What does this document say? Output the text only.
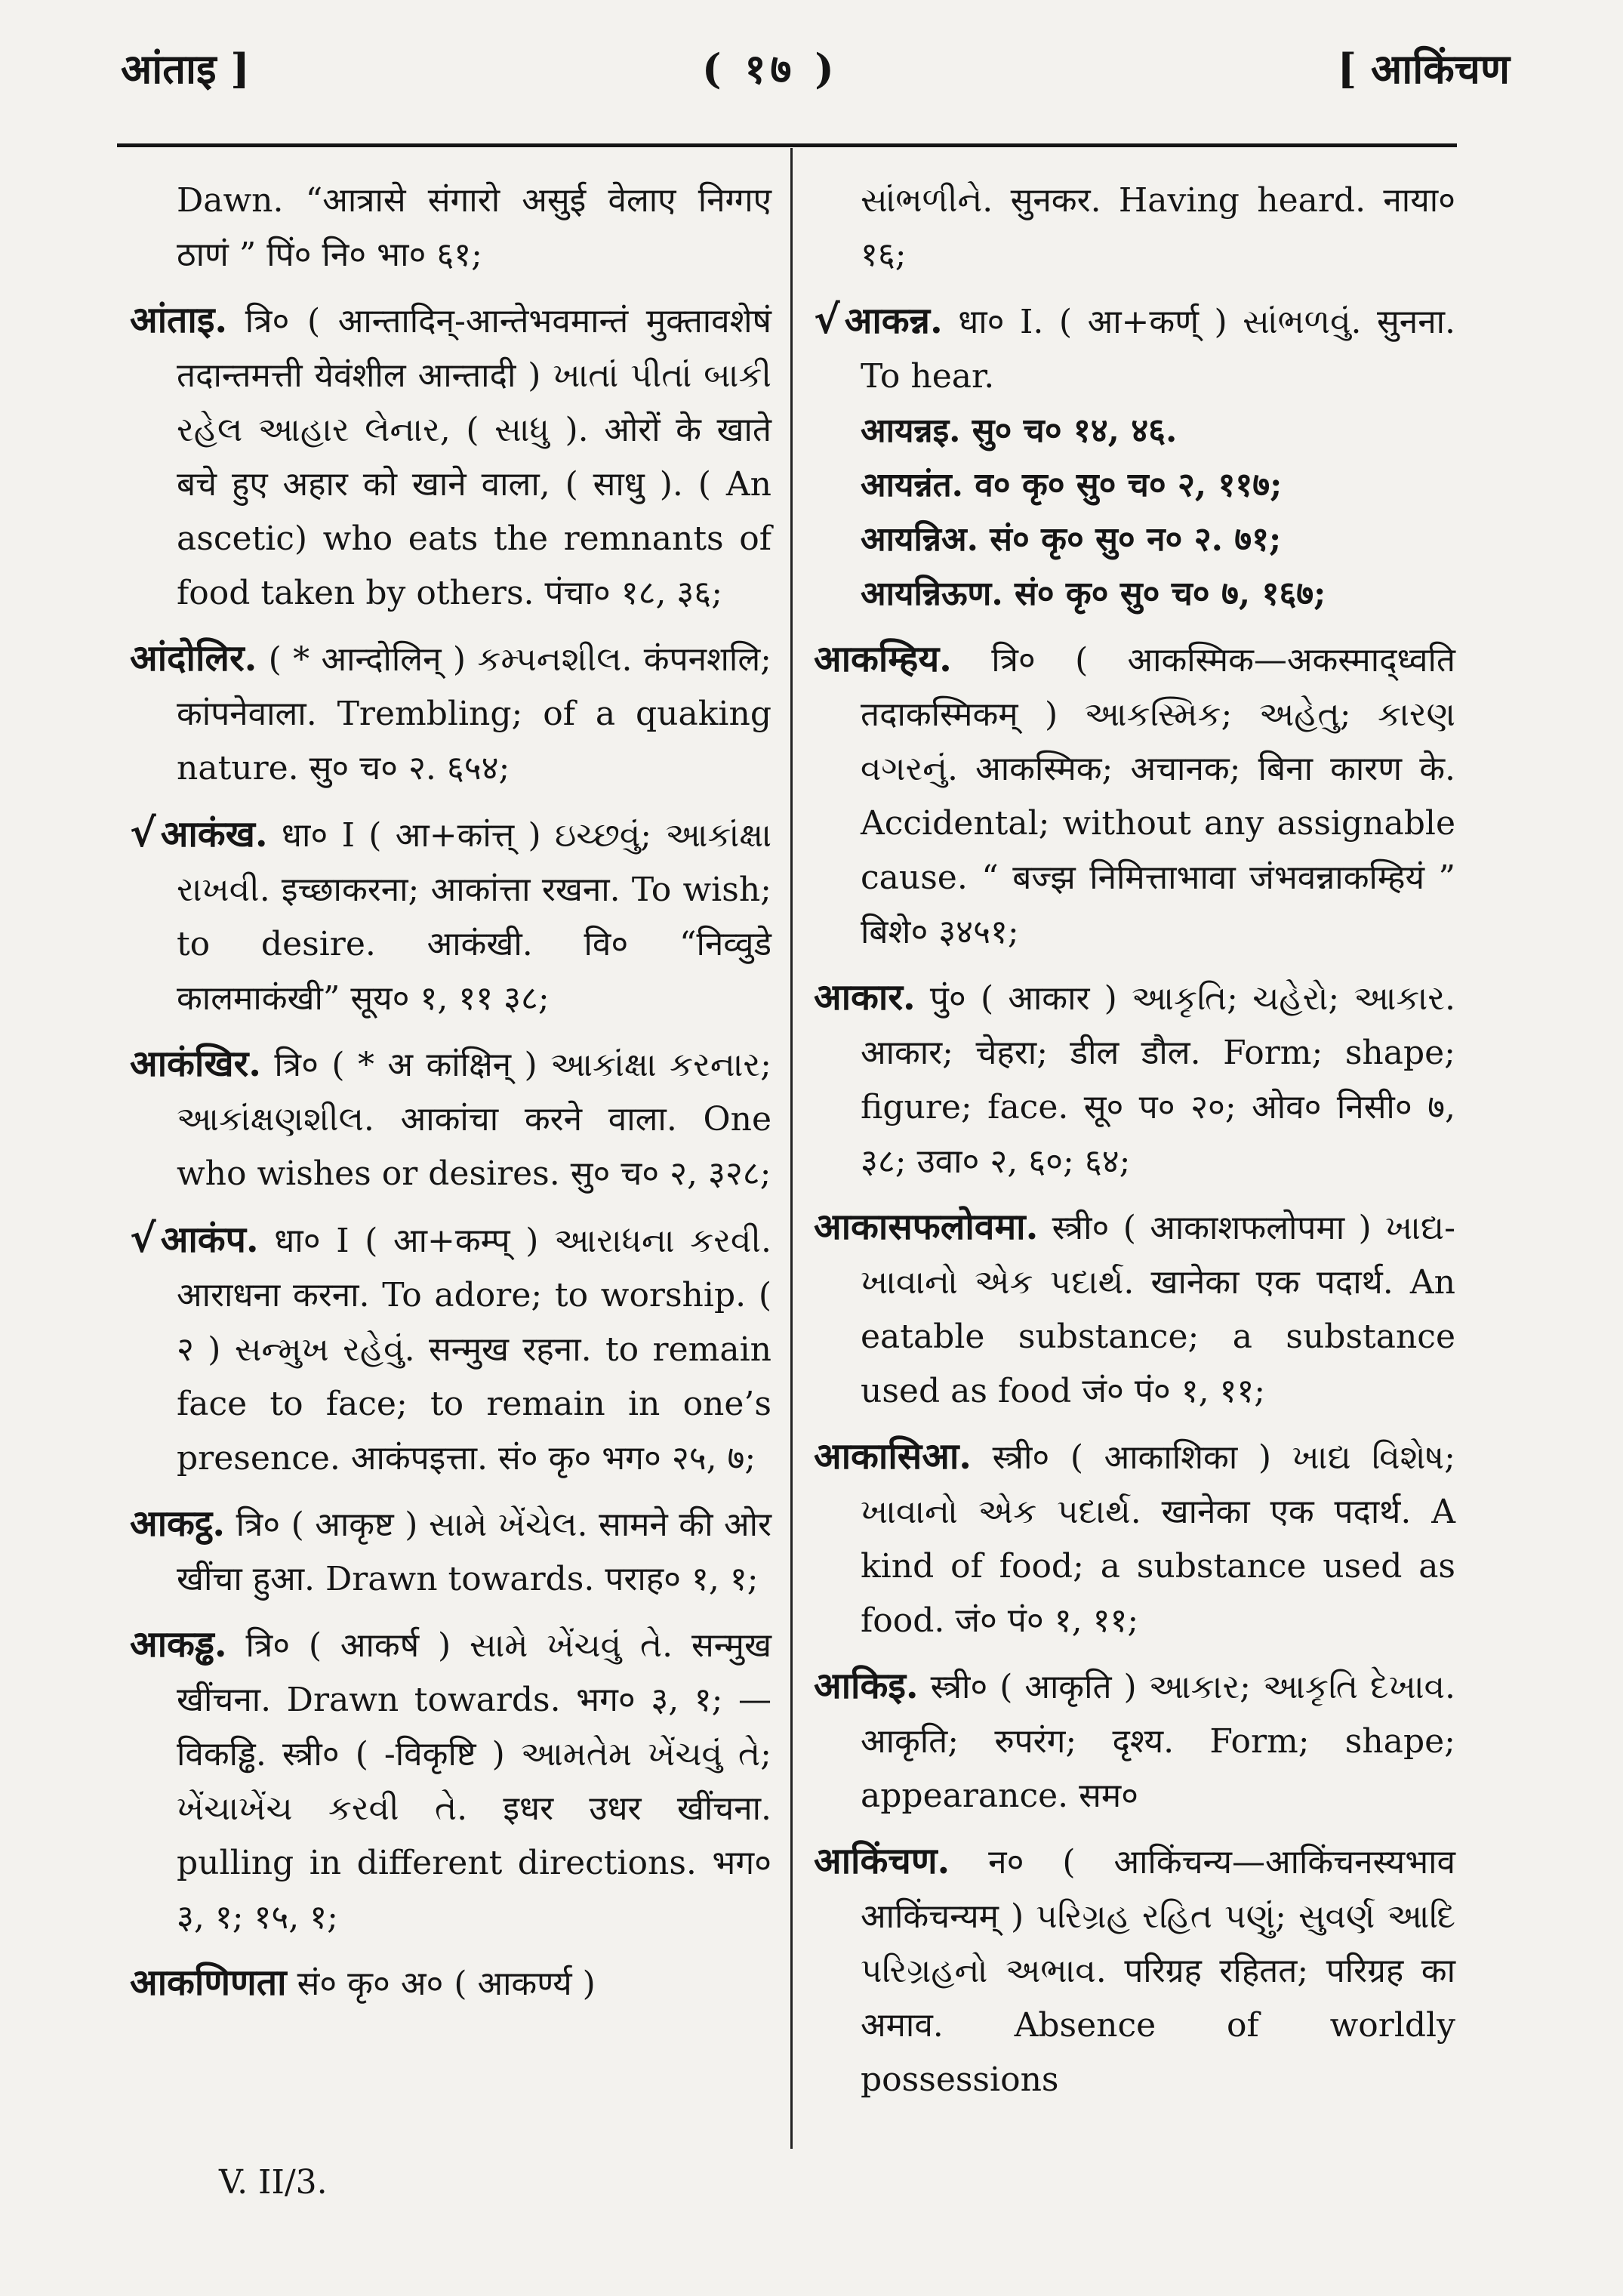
आंताइ ]	( १७ )	[ आकिंचण

Dawn. “आत्रासे संगारो असुई वेलाए निग्गए ठाणं ” पिं० नि० भा० ६१;

आंताइ. त्रि० ( आन्तादिन्-आन्तेभवमान्तं मुक्तावशेषं तदान्तमत्ती येवंशील आन्तादी ) ખાતાં પીતાં બાકી રહેલ આહાર લેનાર, ( સાધુ ). ओरों के खाते बचे हुए अहार को खाने वाला, ( साधु ). ( An ascetic) who eats the remnants of food taken by others. पंचा० १८, ३६;

आंदोलिर. ( * आन्दोलिन् ) કમ્પનશીલ. कंपनशलि; कांपनेवाला. Trembling; of a quaking nature. सु० च० २. ६५४;

√ आकंख. धा० I ( आ+कांत्त् ) ઇચ્છવું; આકાંક્ષા રાખવી. इच्छाकरना; आकांत्ता रखना. To wish; to desire. आकंखी. वि० “निव्वुडे कालमाकंखी” सूय० १, ११ ३८;

आकंखिर. त्रि० ( * अ कांक्षिन् ) આકાંક્ષા કરનાર; આકાંક્ષણશીલ. आकांचा करने वाला. One who wishes or desires. सु० च० २, ३२८;

√ आकंप. धा० I ( आ+कम्प् ) આરાધના કરવી. आराधना करना. To adore; to worship. ( २ ) સન્મુખ રહેવું. सन्मुख रहना. to remain face to face; to remain in one’s presence. आकंपइत्ता. सं० कृ० भग० २५, ७;

आकट्ठ. त्रि० ( आकृष्ट ) સામે ખેંચેલ. सामने की ओर खींचा हुआ. Drawn towards. पराह० १, १;

आकड्ढ. त्रि० ( आकर्ष ) સામે ખેંચવું તે. सन्मुख खींचना. Drawn towards. भग० ३, १; —विकड्ढि. स्त्री० ( -विकृष्टि ) આમતેમ ખેંચવું તે; ખેંચાખેંચ કરવી તે. इधर उधर खींचना. pulling in different directions. भग० ३, १; १५, १;

आकणिणता सं० कृ० अ० ( आकर्ण्य )

V. II/3.

સાંભળીને. सुनकर. Having heard. नाया० १६;

√ आकन्न. धा० I. ( आ+कर्ण् ) સાંભળવું. सुनना. To hear.

आयन्नइ. सु० च० १४, ४६.

आयन्नंत. व० कृ० सु० च० २, ११७;

आयन्निअ. सं० कृ० सु० न० २. ७१;

आयन्निऊण. सं० कृ० सु० च० ७, १६७;

आकम्हिय. त्रि० ( आकस्मिक—अकस्माद्ध्वति तदाकस्मिकम् ) આકસ્મિક; અહેતુ; કારણ વગરનું. आकस्मिक; अचानक; बिना कारण के. Accidental; without any assignable cause. “ बज्झ निमित्ताभावा जंभवन्नाकम्हियं ” बिशे० ३४५१;

आकार. पुं० ( आकार ) આકૃતિ; ચહેરો; આકાર. आकार; चेहरा; डील डौल. Form; shape; figure; face. सू० प० २०; ओव० निसी० ७, ३८; उवा० २, ६०; ६४;

आकासफलोवमा. स्त्री० ( आकाशफलोपमा ) ખાદ્ય-ખાવાનો એક પદાર્થ. खानेका एक पदार्थ. An eatable substance; a substance used as food जं० पं० १, ११;

आकासिआ. स्त्री० ( आकाशिका ) ખાદ્ય વિશેષ; ખાવાનો એક પદાર્થ. खानेका एक पदार्थ. A kind of food; a substance used as food. जं० पं० १, ११;

आकिइ. स्त्री० ( आकृति ) આકાર; આકૃતિ દેખાવ. आकृति; रुपरंग; दृश्य. Form; shape; appearance. सम०

आकिंचण. न० ( आकिंचन्य—आकिंचनस्यभाव आकिंचन्यम् ) પરિગ્રહ રહિત પણું; સુવર્ણ આદિ પરિગ્રહનો અભાવ. परिग्रह रहितत; परिग्रह का अमाव. Absence of worldly possessions
